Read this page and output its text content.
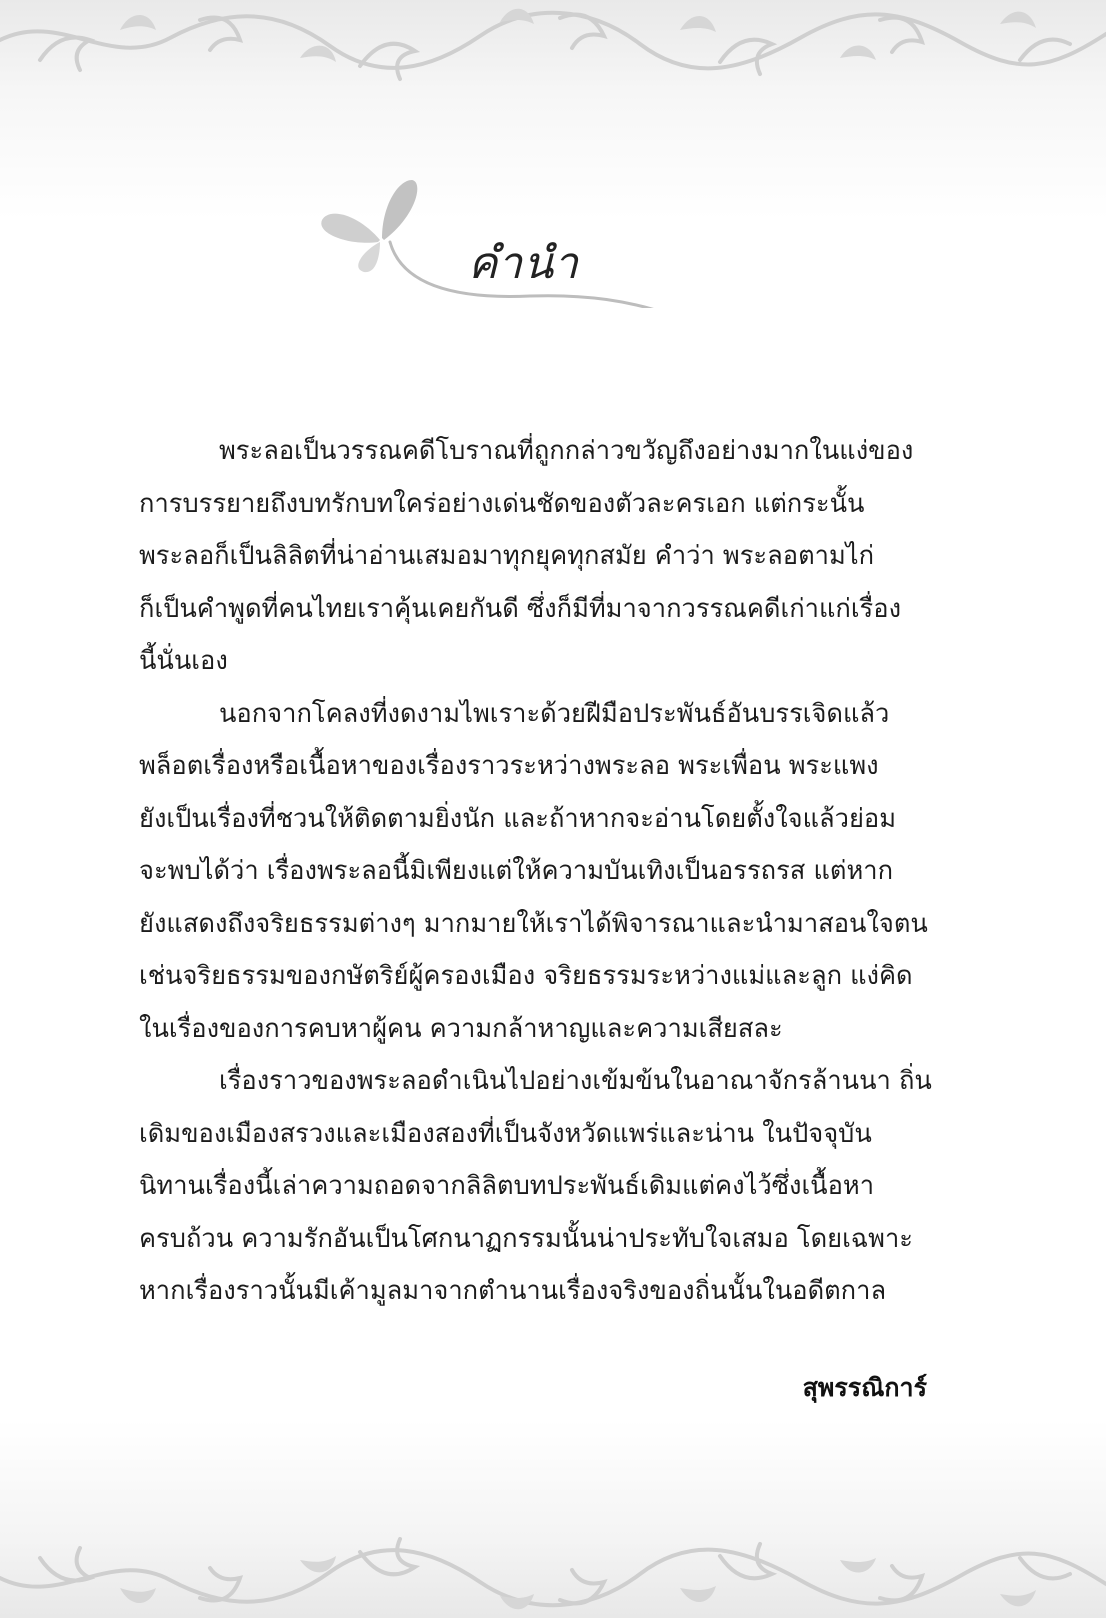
คำนำ
พระลอเป็นวรรณคดีโบราณที่ถูกกล่าวขวัญถึงอย่างมากในแง่ของ
การบรรยายถึงบทรักบทใคร่อย่างเด่นชัดของตัวละครเอก แต่กระนั้น
พระลอก็เป็นลิลิตที่น่าอ่านเสมอมาทุกยุคทุกสมัย คำว่า พระลอตามไก่
ก็เป็นคำพูดที่คนไทยเราคุ้นเคยกันดี ซึ่งก็มีที่มาจากวรรณคดีเก่าแก่เรื่อง
นี้นั่นเอง
นอกจากโคลงที่งดงามไพเราะด้วยฝีมือประพันธ์อันบรรเจิดแล้ว
พล็อตเรื่องหรือเนื้อหาของเรื่องราวระหว่างพระลอ พระเพื่อน พระแพง
ยังเป็นเรื่องที่ชวนให้ติดตามยิ่งนัก และถ้าหากจะอ่านโดยตั้งใจแล้วย่อม
จะพบได้ว่า เรื่องพระลอนี้มิเพียงแต่ให้ความบันเทิงเป็นอรรถรส แต่หาก
ยังแสดงถึงจริยธรรมต่างๆ มากมายให้เราได้พิจารณาและนำมาสอนใจตน
เช่นจริยธรรมของกษัตริย์ผู้ครองเมือง จริยธรรมระหว่างแม่และลูก แง่คิด
ในเรื่องของการคบหาผู้คน ความกล้าหาญและความเสียสละ
เรื่องราวของพระลอดำเนินไปอย่างเข้มข้นในอาณาจักรล้านนา ถิ่น
เดิมของเมืองสรวงและเมืองสองที่เป็นจังหวัดแพร่และน่าน ในปัจจุบัน
นิทานเรื่องนี้เล่าความถอดจากลิลิตบทประพันธ์เดิมแต่คงไว้ซึ่งเนื้อหา
ครบถ้วน ความรักอันเป็นโศกนาฏกรรมนั้นน่าประทับใจเสมอ โดยเฉพาะ
หากเรื่องราวนั้นมีเค้ามูลมาจากตำนานเรื่องจริงของถิ่นนั้นในอดีตกาล
สุพรรณิการ์
